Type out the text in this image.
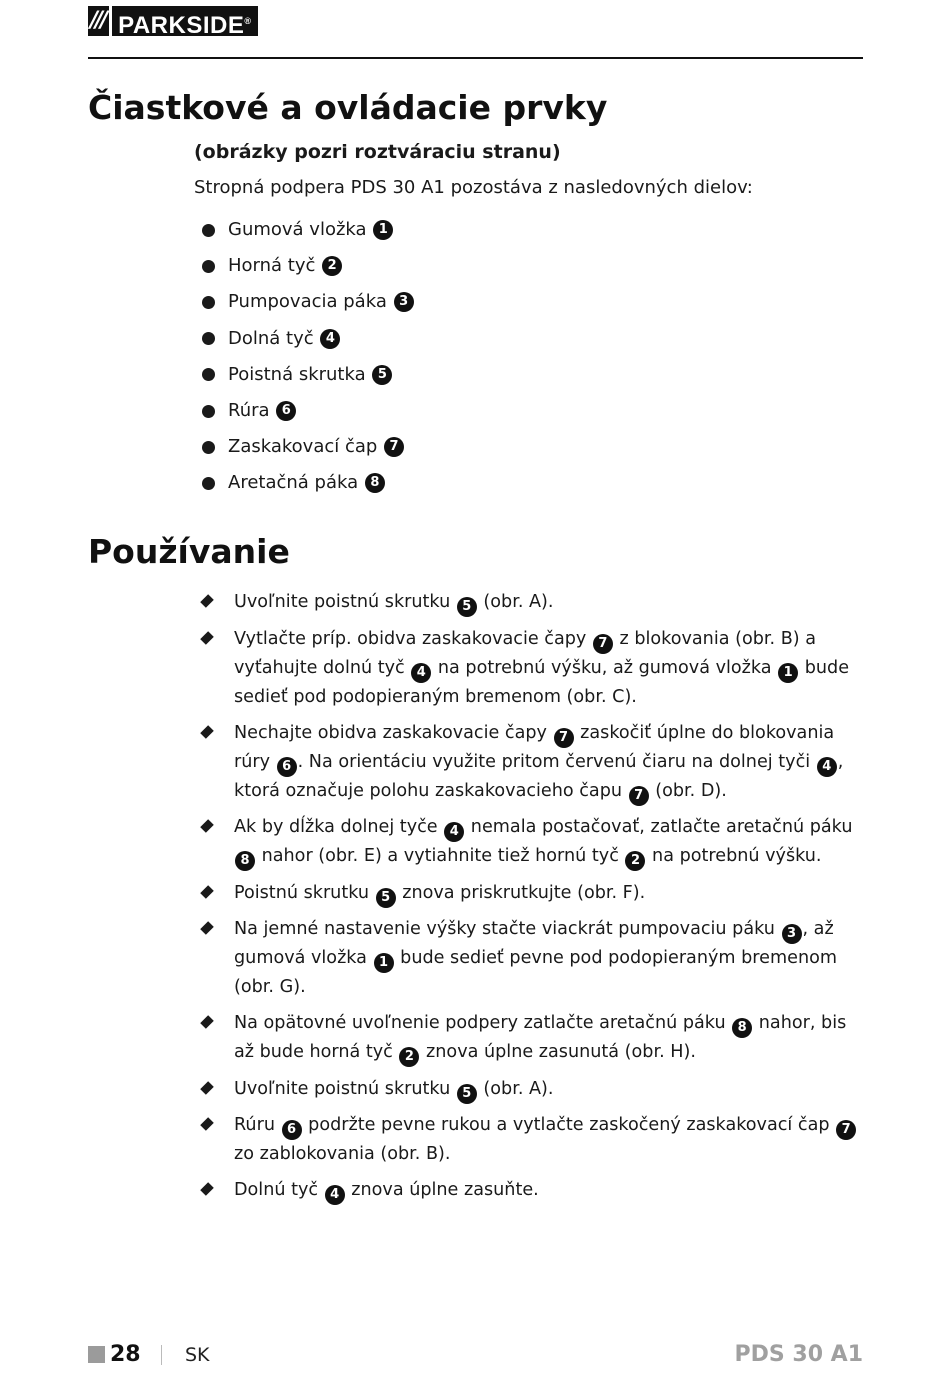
/// PARKSIDE®
Čiastkové a ovládacie prvky

(obrázky pozri roztváraciu stranu)

Stropná podpera PDS 30 A1 pozostáva z nasledovných dielov:

Gumová vložka
1
Horná tyč
2
Pumpovacia páka
3
Dolná tyč
4
Poistná skrutka
5
Rúra
6
Zaskakovací čap
7
Aretačná páka
8
Používanie
Uvoľnite poistnú skrutku 5 (obr. A).
Vytlačte príp. obidva zaskakovacie čapy 7 z blokovania (obr. B) a vyťahujte dolnú tyč 4 na potrebnú výšku, až gumová vložka 1 bude sedieť pod podopieraným bremenom (obr. C).
Nechajte obidva zaskakovacie čapy 7 zaskočiť úplne do blokovania rúry 6 . Na orientáciu využite pritom červenú čiaru na dolnej tyči 4 , ktorá označuje polohu zaskakovacieho čapu 7 (obr. D).
Ak by dĺžka dolnej tyče 4 nemala postačovať, zatlačte aretačnú páku 8 nahor (obr. E) a vytiahnite tiež hornú tyč 2 na potrebnú výšku.
Poistnú skrutku 5 znova priskrutkujte (obr. F).
Na jemné nastavenie výšky stačte viackrát pumpovaciu páku 3 , až gumová vložka 1 bude sedieť pevne pod podopieraným bremenom (obr. G).
Na opätovné uvoľnenie podpery zatlačte aretačnú páku 8 nahor, bis až bude horná tyč 2 znova úplne zasunutá (obr. H).
Uvoľnite poistnú skrutku 5 (obr. A).
Rúru 6 podržte pevne rukou a vytlačte zaskočený zaskakovací čap 7 zo zablokovania (obr. B).
Dolnú tyč 4 znova úplne zasuňte.
28 SK	PDS 30 A1
